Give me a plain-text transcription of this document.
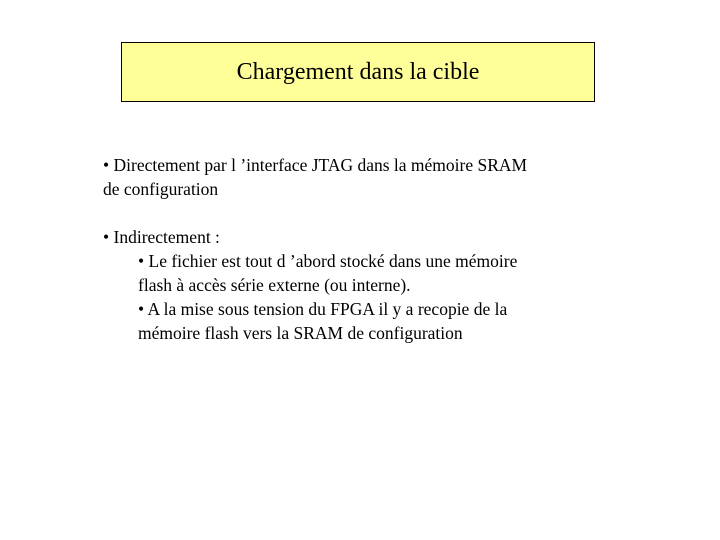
Chargement dans la cible
• Directement par l ’interface JTAG dans la mémoire SRAM
de configuration
• Indirectement :
• Le fichier est tout d ’abord stocké dans une mémoire
flash à accès série externe (ou interne).
• A la mise sous tension du FPGA il y a recopie de la
mémoire flash vers la SRAM de configuration
